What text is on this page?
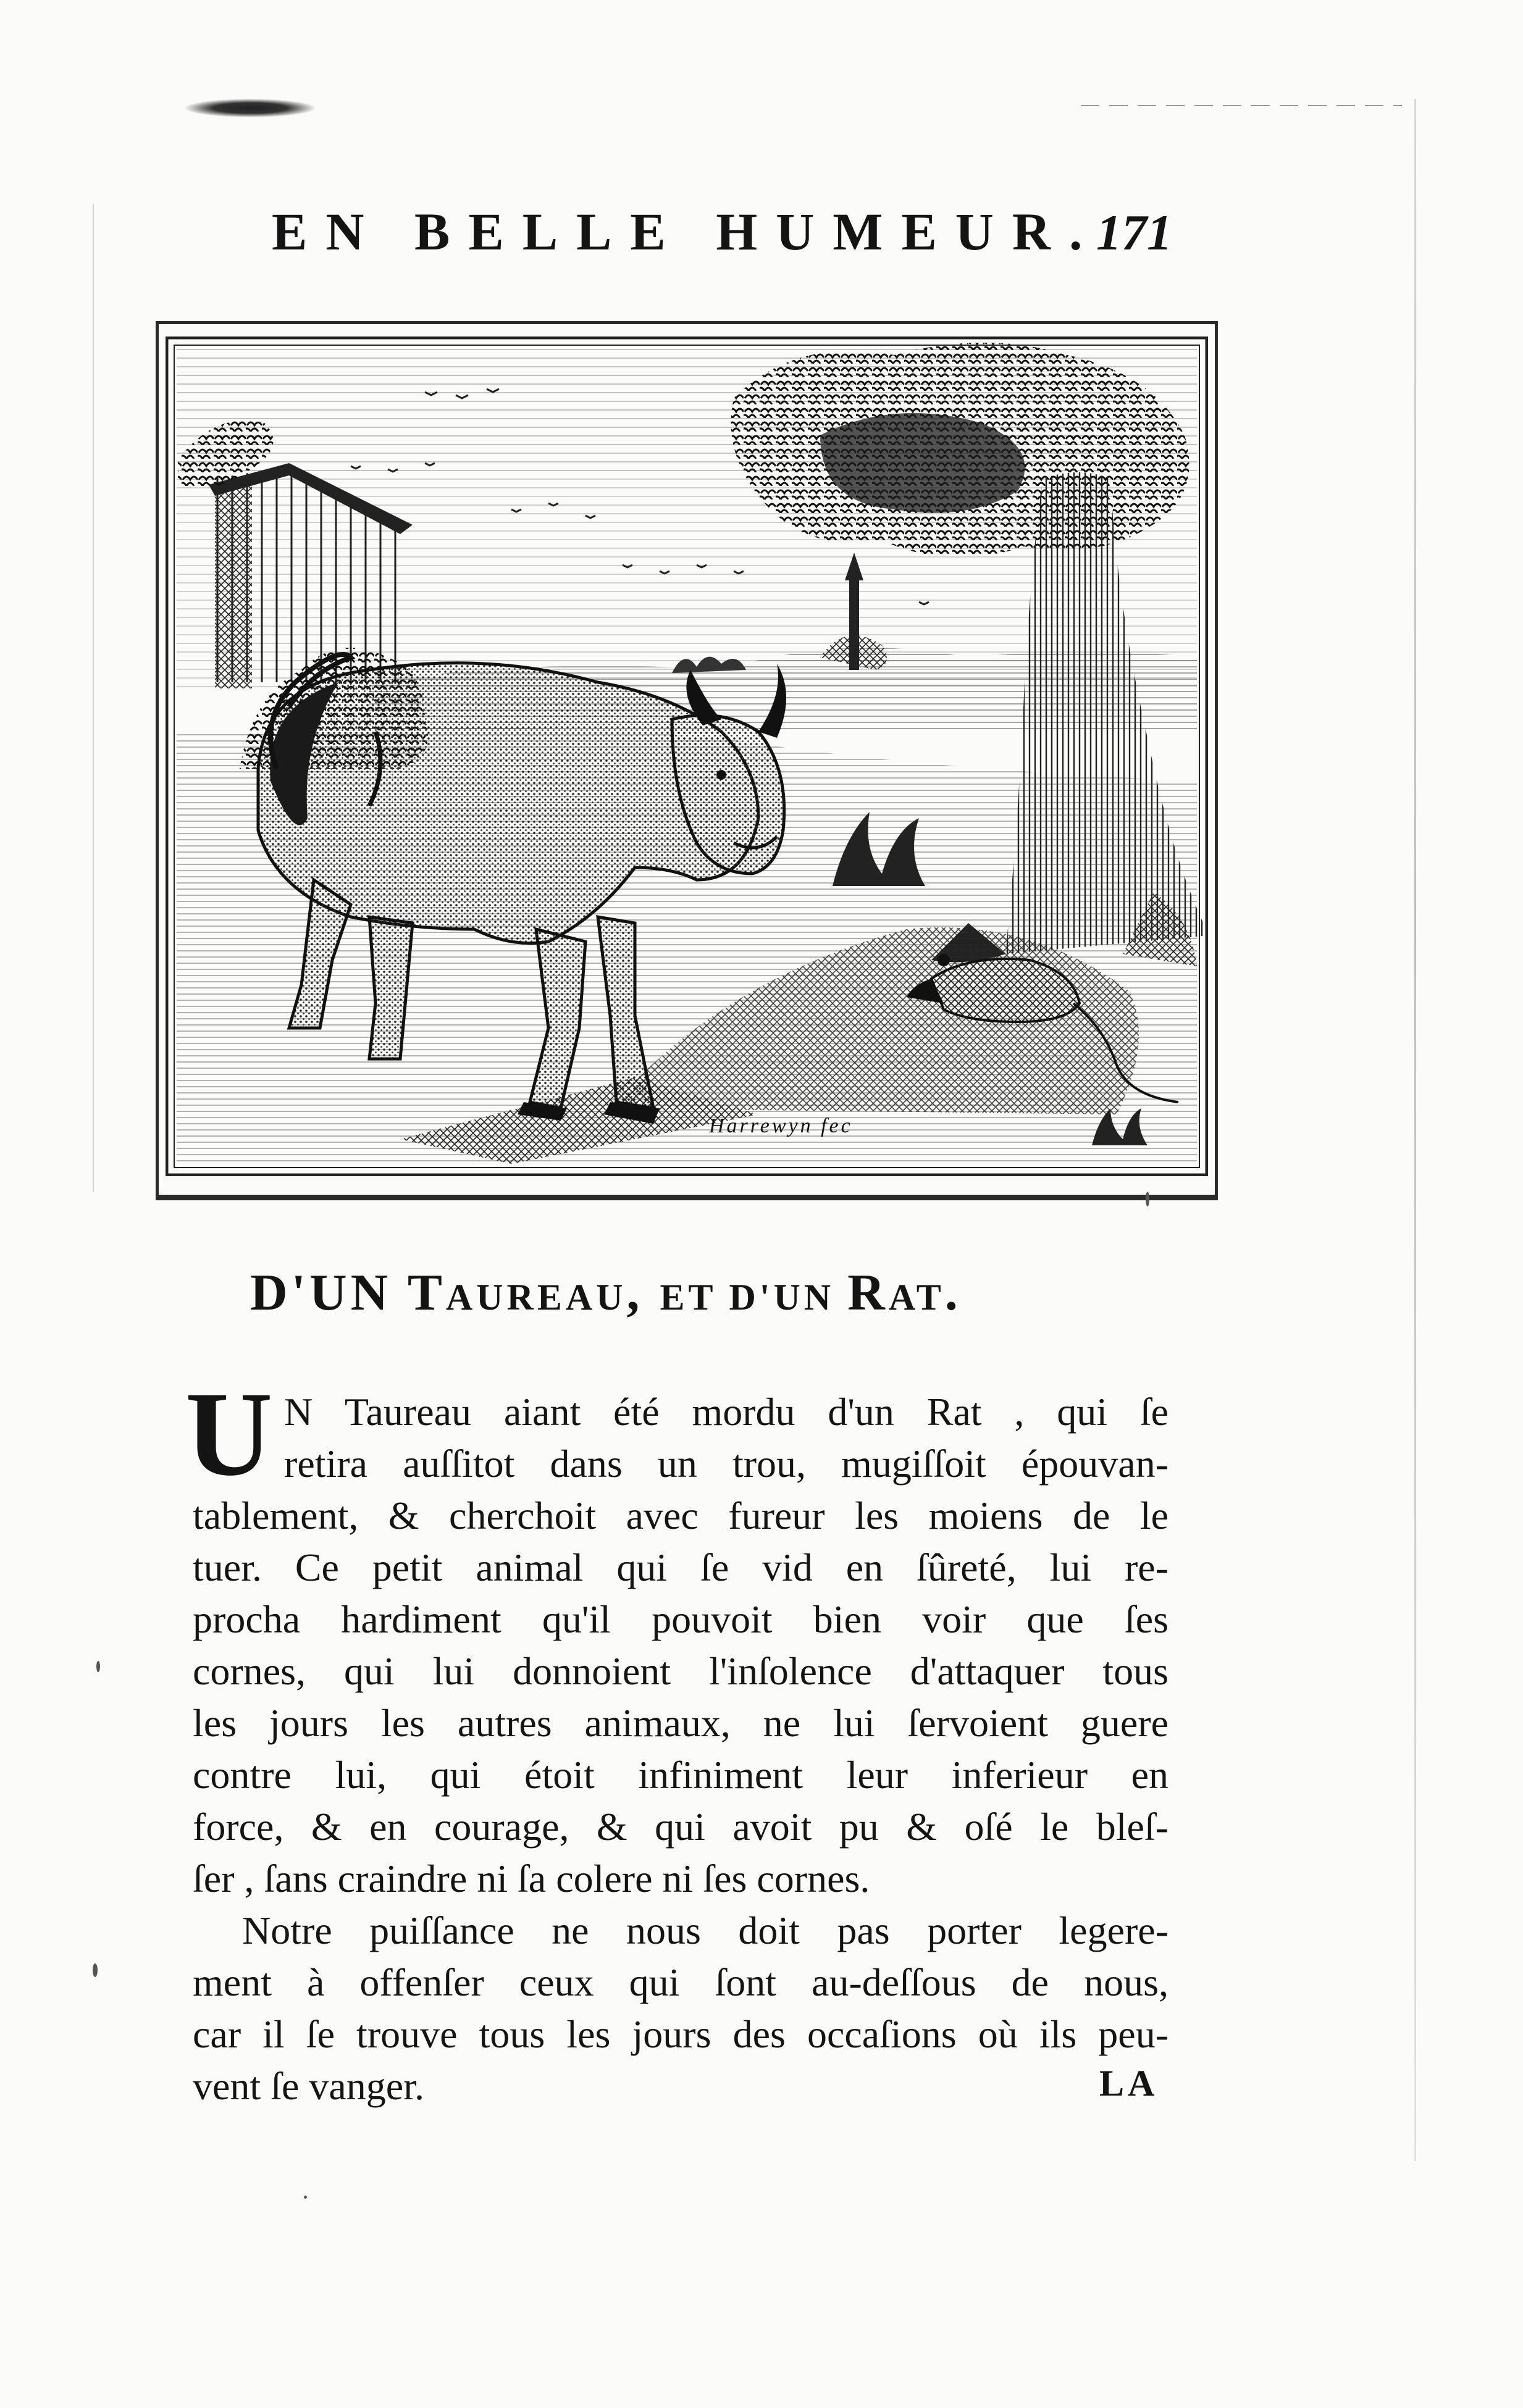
EN BELLE HUMEUR.
171
Harrewyn fec
D'UN TAUREAU, ET D'UN RAT.
U N Taureau aiant été mordu d'un Rat , qui ſe
retira auſſitot dans un trou, mugiſſoit épouvan-
tablement, & cherchoit avec fureur les moiens de le
tuer. Ce petit animal qui ſe vid en ſûreté, lui re-
procha hardiment qu'il pouvoit bien voir que ſes
cornes, qui lui donnoient l'inſolence d'attaquer tous
les jours les autres animaux, ne lui ſervoient guere
contre lui, qui étoit infiniment leur inferieur en
force, & en courage, & qui avoit pu & oſé le bleſ-
ſer , ſans craindre ni ſa colere ni ſes cornes.

Notre puiſſance ne nous doit pas porter legere-
ment à offenſer ceux qui ſont au-deſſous de nous,
car il ſe trouve tous les jours des occaſions où ils peu-
vent ſe vanger.	LA
